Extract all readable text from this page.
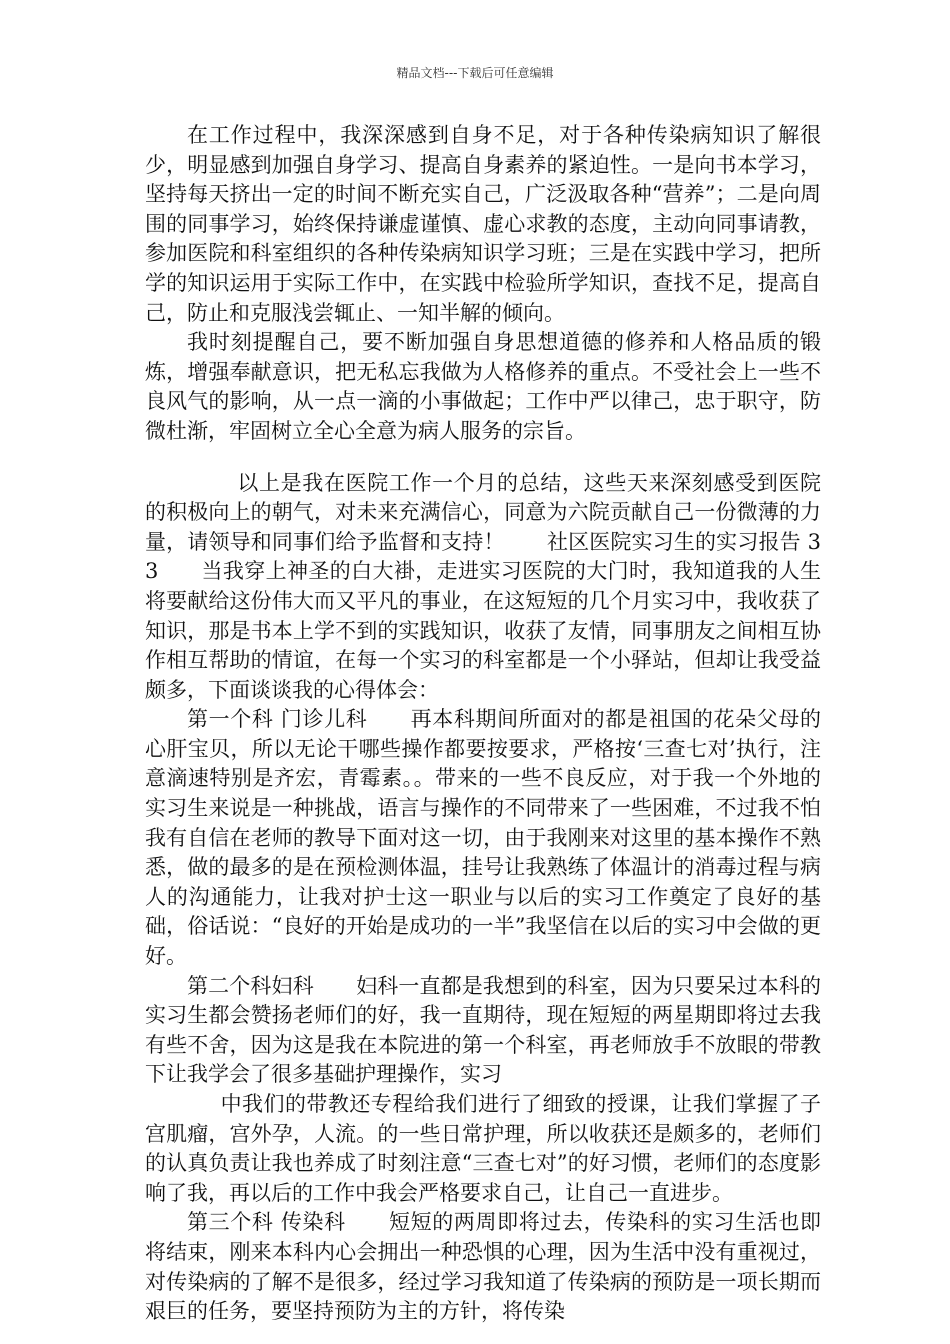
精品文档---下载后可任意编辑

在工作过程中，我深深感到自身不足，对于各种传染病知识了解很少，明显感到加强自身学习、提高自身素养的紧迫性。一是向书本学习，坚持每天挤出一定的时间不断充实自己，广泛汲取各种“营养”；二是向周围的同事学习，始终保持谦虚谨慎、虚心求教的态度，主动向同事请教，参加医院和科室组织的各种传染病知识学习班；三是在实践中学习，把所学的知识运用于实际工作中，在实践中检验所学知识，查找不足，提高自己，防止和克服浅尝辄止、一知半解的倾向。

我时刻提醒自己，要不断加强自身思想道德的修养和人格品质的锻炼，增强奉献意识，把无私忘我做为人格修养的重点。不受社会上一些不良风气的影响，从一点一滴的小事做起；工作中严以律己，忠于职守，防微杜渐，牢固树立全心全意为病人服务的宗旨。

以上是我在医院工作一个月的总结，这些天来深刻感受到医院的积极向上的朝气，对未来充满信心，同意为六院贡献自己一份微薄的力量，请领导和同事们给予监督和支持！　　社区医院实习生的实习报告 3 3　　当我穿上神圣的白大褂，走进实习医院的大门时，我知道我的人生将要献给这份伟大而又平凡的事业，在这短短的几个月实习中，我收获了知识，那是书本上学不到的实践知识，收获了友情，同事朋友之间相互协作相互帮助的情谊，在每一个实习的科室都是一个小驿站，但却让我受益颇多，下面谈谈我的心得体会：

第一个科 门诊儿科　　再本科期间所面对的都是祖国的花朵父母的心肝宝贝，所以无论干哪些操作都要按要求，严格按‘三查七对’执行，注意滴速特别是齐宏，青霉素。。带来的一些不良反应，对于我一个外地的实习生来说是一种挑战，语言与操作的不同带来了一些困难，不过我不怕我有自信在老师的教导下面对这一切，由于我刚来对这里的基本操作不熟悉，做的最多的是在预检测体温，挂号让我熟练了体温计的消毒过程与病人的沟通能力，让我对护士这一职业与以后的实习工作奠定了良好的基础，俗话说：“良好的开始是成功的一半”我坚信在以后的实习中会做的更好。

第二个科妇科　　妇科一直都是我想到的科室，因为只要呆过本科的实习生都会赞扬老师们的好，我一直期待，现在短短的两星期即将过去我有些不舍，因为这是我在本院进的第一个科室，再老师放手不放眼的带教下让我学会了很多基础护理操作，实习

中我们的带教还专程给我们进行了细致的授课，让我们掌握了子宫肌瘤，宫外孕，人流。的一些日常护理，所以收获还是颇多的，老师们的认真负责让我也养成了时刻注意“三查七对”的好习惯，老师们的态度影响了我，再以后的工作中我会严格要求自己，让自己一直进步。

第三个科 传染科　　短短的两周即将过去，传染科的实习生活也即将结束，刚来本科内心会拥出一种恐惧的心理，因为生活中没有重视过，对传染病的了解不是很多，经过学习我知道了传染病的预防是一项长期而艰巨的任务，要坚持预防为主的方针，将传染
